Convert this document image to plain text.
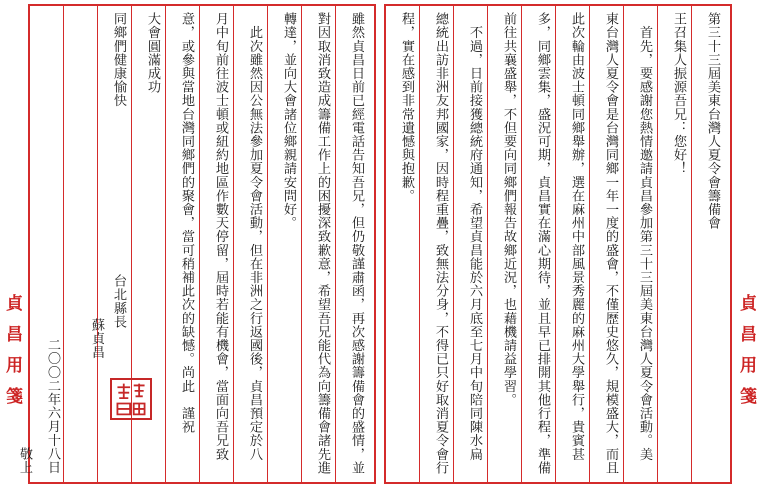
貞昌用箋	雖然貞昌日前已經電話告知吾兄，但仍敬謹肅函，再次感謝籌備會的盛情，並
對因取消致造成籌備工作上的困擾深致歉意，希望吾兄能代為向籌備會諸先進
轉達，並向大會諸位鄉親請安問好。
　此次雖然因公無法參加夏令會活動，但在非洲之行返國後，貞昌預定於八
月中旬前往波士頓或紐約地區作數天停留，屆時若能有機會，當面向吾兄致
意，或參與當地台灣同鄉們的聚會，當可稍補此次的缺憾。尚此　謹祝
大會圓滿成功
同鄉們健康愉快
台北縣長
蘇貞昌
二〇〇二年六月十八日
敬上
第三十三屆美東台灣人夏令會籌備會
王召集人振源吾兄：您好！
　首先，要感謝您熱情邀請貞昌參加第三十三屆美東台灣人夏令會活動。美
東台灣人夏令會是台灣同鄉一年一度的盛會，不僅歷史悠久，規模盛大，而且
此次輪由波士頓同鄉舉辦，選在麻州中部風景秀麗的麻州大學舉行，貴賓甚
多，同鄉雲集，盛況可期，貞昌實在滿心期待，並且早已排開其他行程，準備
前往共襄盛舉，不但要向同鄉們報告故鄉近況，也藉機請益學習。
　不過，日前接獲總統府通知，希望貞昌能於六月底至七月中旬陪同陳水扁
總統出訪非洲友邦國家，因時程重疊，致無法分身，不得已只好取消夏令會行
程，實在感到非常遺憾與抱歉。
貞昌用箋
